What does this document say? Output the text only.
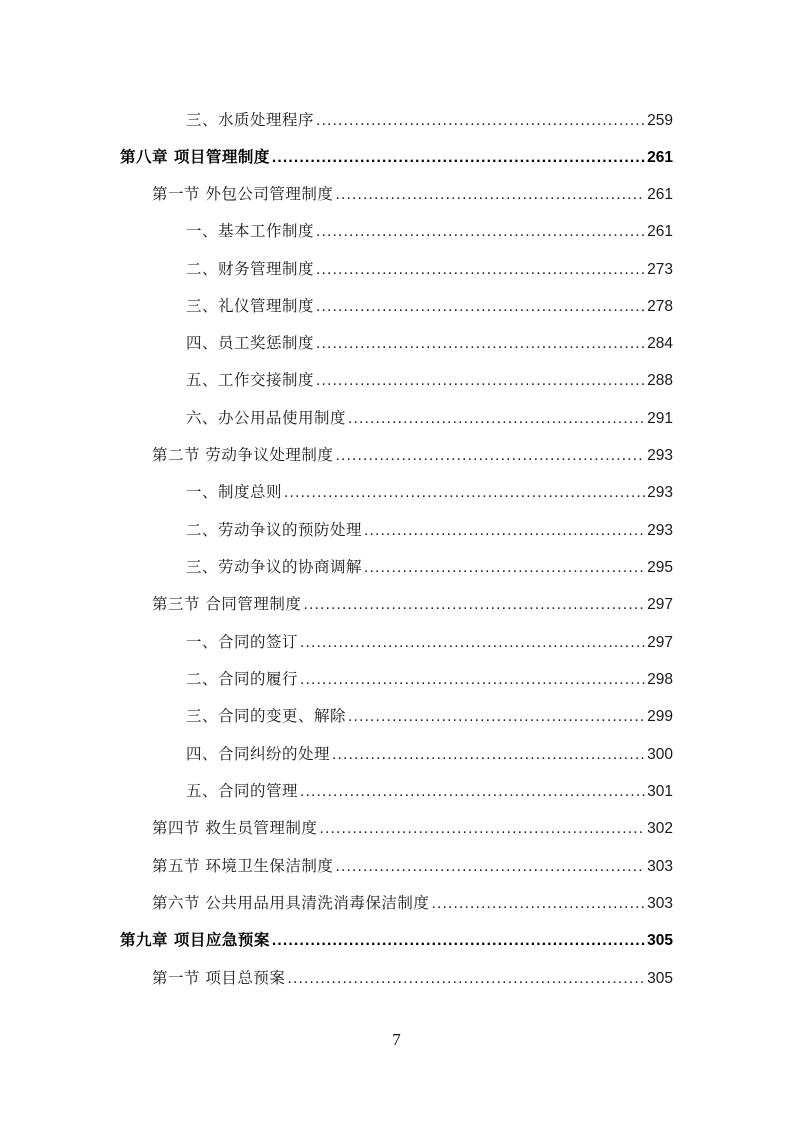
三、水质处理程序 .....	259
第八章 项目管理制度 .....	261
第一节 外包公司管理制度 .....	261
一、基本工作制度 .....	261
二、财务管理制度 .....	273
三、礼仪管理制度 .....	278
四、员工奖惩制度 .....	284
五、工作交接制度 .....	288
六、办公用品使用制度 .....	291
第二节 劳动争议处理制度 .....	293
一、制度总则 .....	293
二、劳动争议的预防处理 .....	293
三、劳动争议的协商调解 .....	295
第三节 合同管理制度 .....	297
一、合同的签订 .....	297
二、合同的履行 .....	298
三、合同的变更、解除 .....	299
四、合同纠纷的处理 .....	300
五、合同的管理 .....	301
第四节 救生员管理制度 .....	302
第五节 环境卫生保洁制度 .....	303
第六节 公共用品用具清洗消毒保洁制度 .....	303
第九章 项目应急预案 .....	305
第一节 项目总预案 .....	305
7
